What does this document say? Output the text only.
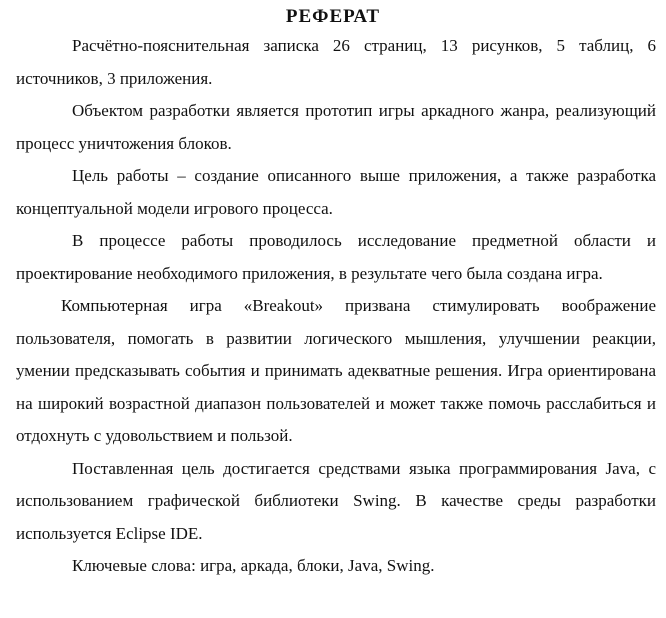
РЕФЕРАТ

Расчётно-пояснительная записка 26 страниц, 13 рисунков, 5 таблиц, 6 источников, 3 приложения.

Объектом разработки является прототип игры аркадного жанра, реализующий процесс уничтожения блоков.

Цель работы – создание описанного выше приложения, а также разработка концептуальной модели игрового процесса.

В процессе работы проводилось исследование предметной области и проектирование необходимого приложения, в результате чего была создана игра.

Компьютерная игра «Breakout» призвана стимулировать воображение пользователя, помогать в развитии логического мышления, улучшении реакции, умении предсказывать события и принимать адекватные решения. Игра ориентирована на широкий возрастной диапазон пользователей и может также помочь расслабиться и отдохнуть с удовольствием и пользой.

Поставленная цель достигается средствами языка программирования Java, с использованием графической библиотеки Swing. В качестве среды разработки используется Eclipse IDE.

Ключевые слова: игра, аркада, блоки, Java, Swing.
